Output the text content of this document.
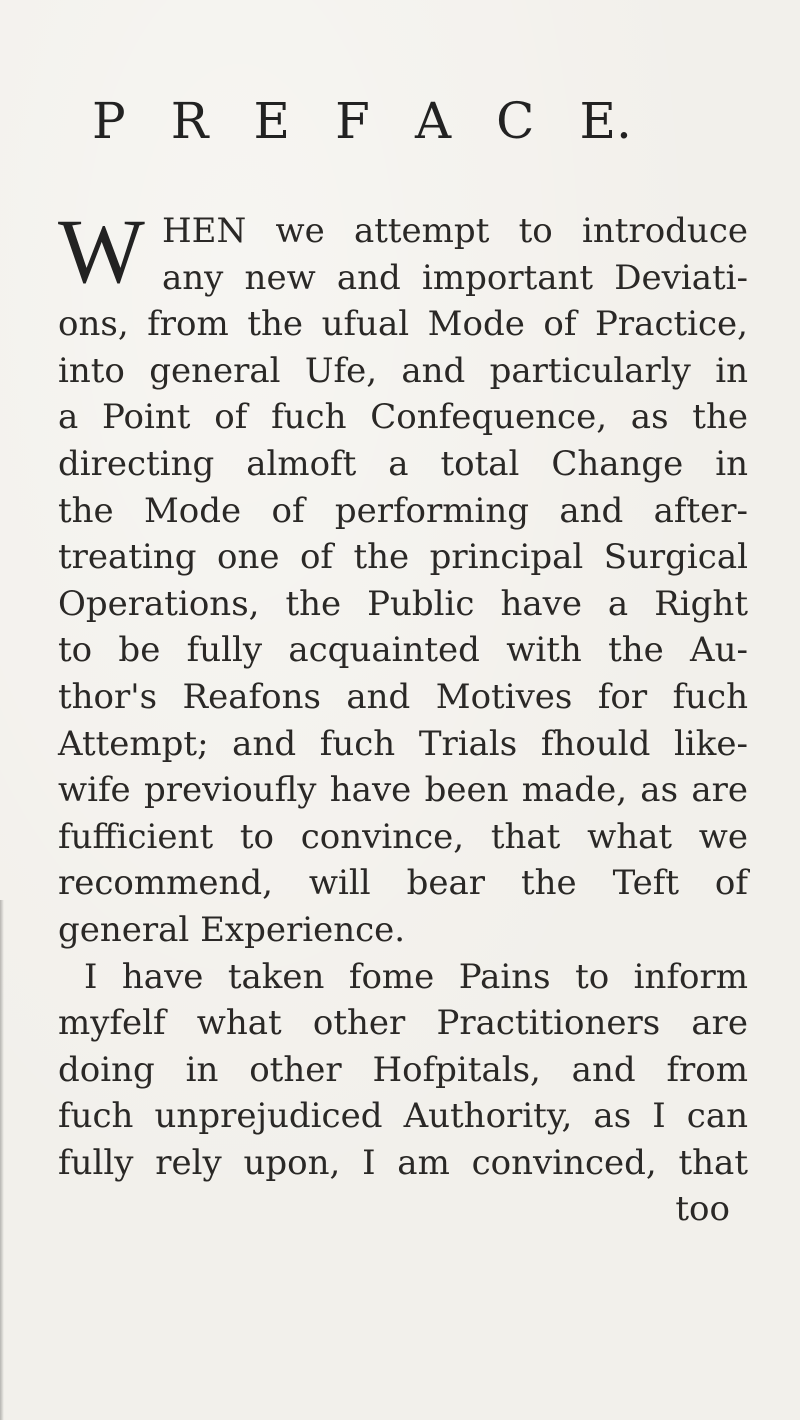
P R E F A C E.
W HEN we attempt to introduce
any new and important Deviati-
ons, from the ufual Mode of Practice,
into general Ufe, and particularly in
a Point of fuch Confequence, as the
directing almoft a total Change in
the Mode of performing and after-
treating one of the principal Surgical
Operations, the Public have a Right
to be fully acquainted with the Au-
thor's Reafons and Motives for fuch
Attempt; and fuch Trials fhould like-
wife previoufly have been made, as are
fufficient to convince, that what we
recommend, will bear the Teft of
general Experience.
I have taken fome Pains to inform
myfelf what other Practitioners are
doing in other Hofpitals, and from
fuch unprejudiced Authority, as I can
fully rely upon, I am convinced, that
too
